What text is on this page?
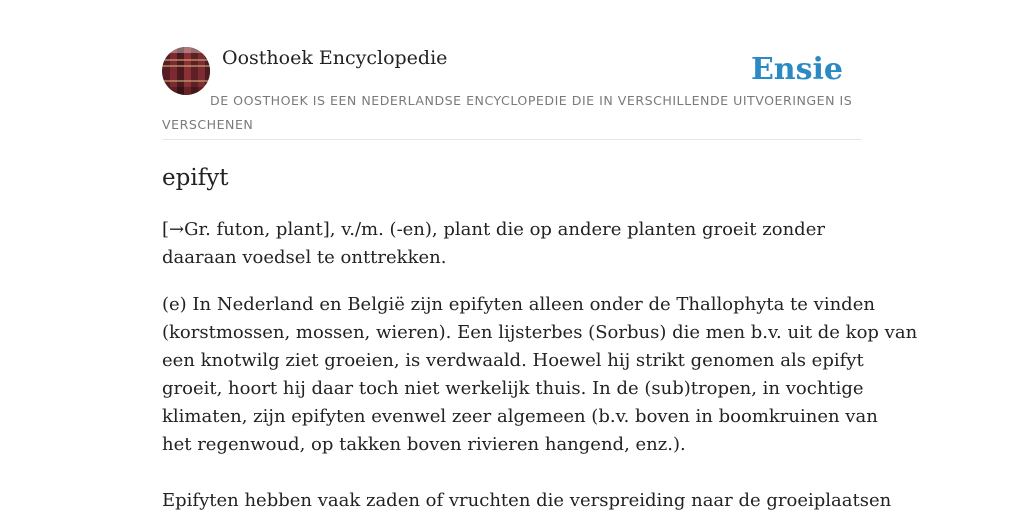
Oosthoek Encyclopedie	Ensie
DE OOSTHOEK IS EEN NEDERLANDSE ENCYCLOPEDIE DIE IN VERSCHILLENDE UITVOERINGEN IS VERSCHENEN
epifyt

[→Gr. futon, plant], v./m. (-en), plant die op andere planten groeit zonder
daaraan voedsel te onttrekken.

(e) In Nederland en België zijn epifyten alleen onder de Thallophyta te vinden
(korstmossen, mossen, wieren). Een lijsterbes (Sorbus) die men b.v. uit de kop van
een knotwilg ziet groeien, is verdwaald. Hoewel hij strikt genomen als epifyt
groeit, hoort hij daar toch niet werkelijk thuis. In de (sub)tropen, in vochtige
klimaten, zijn epifyten evenwel zeer algemeen (b.v. boven in boomkruinen van
het regenwoud, op takken boven rivieren hangend, enz.).

Epifyten hebben vaak zaden of vruchten die verspreiding naar de groeiplaatsen
